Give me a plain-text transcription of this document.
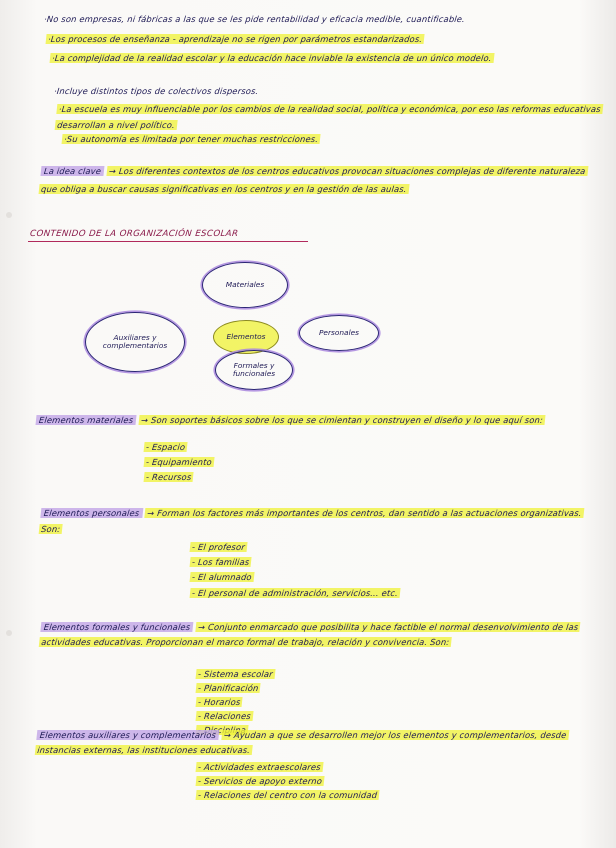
·No son empresas, ni fábricas a las que se les pide rentabilidad y eficacia medible, cuantificable.

·Los procesos de enseñanza - aprendizaje no se rigen por parámetros estandarizados.

·La complejidad de la realidad escolar y la educación hace inviable la existencia de un único modelo.

·Incluye distintos tipos de colectivos dispersos.

·La escuela es muy influenciable por los cambios de la realidad social, política y económica, por eso las reformas educativas desarrollan a nivel político.

·Su autonomía es limitada por tener muchas restricciones.

La idea clave → Los diferentes contextos de los centros educativos provocan situaciones complejas de diferente naturaleza que obliga a buscar causas significativas en los centros y en la gestión de las aulas.

CONTENIDO DE LA ORGANIZACIÓN ESCOLAR

Materiales
Auxiliares y complementarios
Elementos	Personales
Formales y funcionales

Elementos materiales → Son soportes básicos sobre los que se cimientan y construyen el diseño y lo que aquí son:

- Espacio

- Equipamiento

- Recursos

Elementos personales → Forman los factores más importantes de los centros, dan sentido a las actuaciones organizativas. Son:

- El profesor

- Los familias

- El alumnado

- El personal de administración, servicios... etc.

Elementos formales y funcionales → Conjunto enmarcado que posibilita y hace factible el normal desenvolvimiento de las actividades educativas. Proporcionan el marco formal de trabajo, relación y convivencia. Son:

- Sistema escolar

- Planificación

- Horarios

- Relaciones

Elementos auxiliares y complementarios → Ayudan a que se desarrollen mejor los elementos y complementarios, desde instancias externas, las instituciones educativas.

- Actividades extraescolares

- Servicios de apoyo externo

- Relaciones del centro con la comunidad
